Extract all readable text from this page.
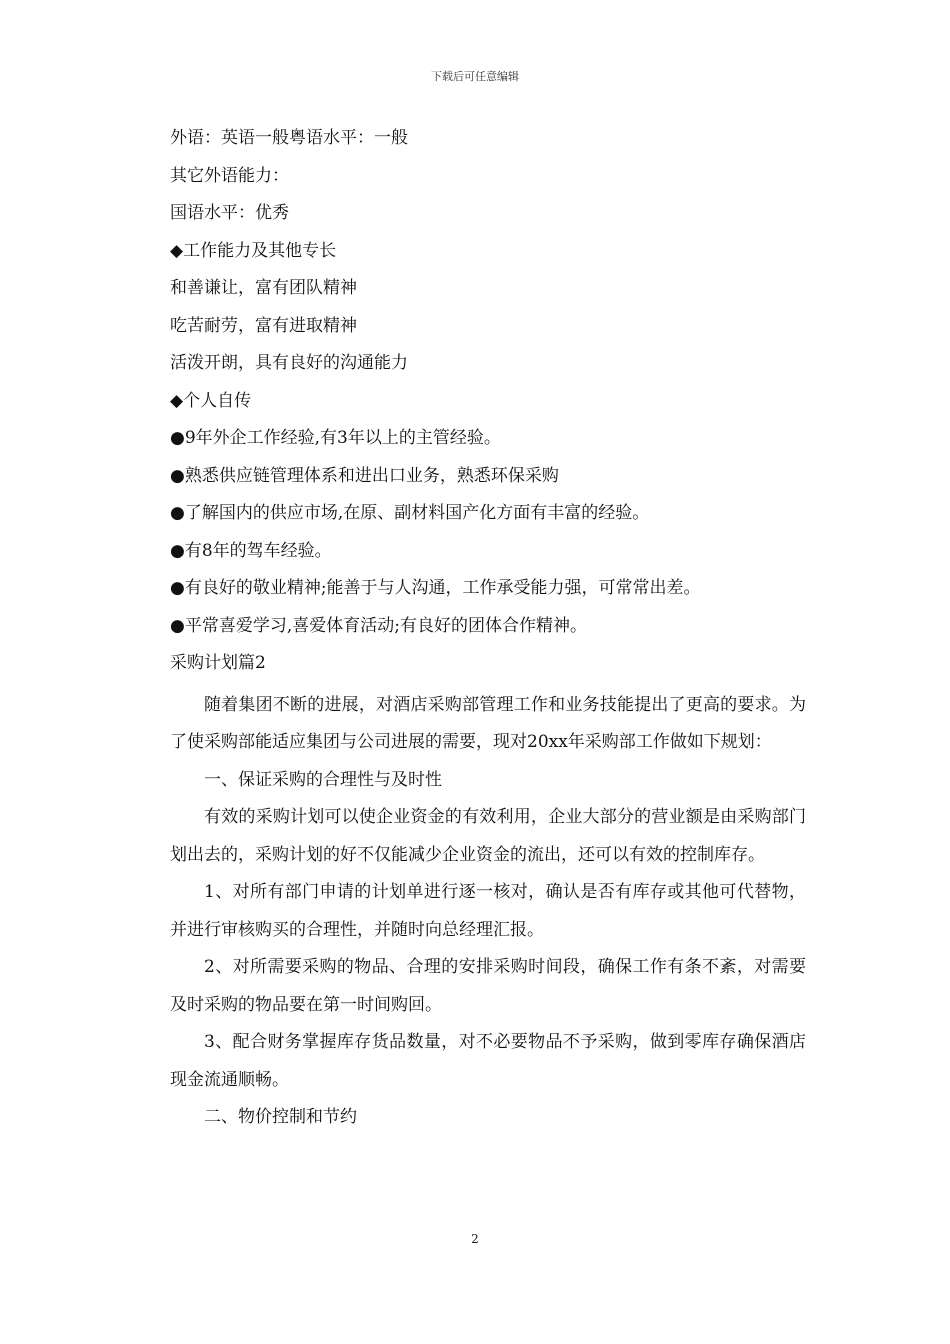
下载后可任意编辑
外语：英语一般粤语水平：一般
其它外语能力：
国语水平：优秀
◆工作能力及其他专长
和善谦让，富有团队精神
吃苦耐劳，富有进取精神
活泼开朗，具有良好的沟通能力
◆个人自传
●9年外企工作经验,有3年以上的主管经验。
●熟悉供应链管理体系和进出口业务，熟悉环保采购
●了解国内的供应市场,在原、副材料国产化方面有丰富的经验。
●有8年的驾车经验。
●有良好的敬业精神;能善于与人沟通，工作承受能力强，可常常出差。
●平常喜爱学习,喜爱体育活动;有良好的团体合作精神。
采购计划篇2

随着集团不断的进展，对酒店采购部管理工作和业务技能提出了更高的要求。为了使采购部能适应集团与公司进展的需要，现对20xx年采购部工作做如下规划：

一、保证采购的合理性与及时性

有效的采购计划可以使企业资金的有效利用，企业大部分的营业额是由采购部门划出去的，采购计划的好不仅能减少企业资金的流出，还可以有效的控制库存。

1、对所有部门申请的计划单进行逐一核对，确认是否有库存或其他可代替物，并进行审核购买的合理性，并随时向总经理汇报。

2、对所需要采购的物品、合理的安排采购时间段，确保工作有条不紊，对需要及时采购的物品要在第一时间购回。

3、配合财务掌握库存货品数量，对不必要物品不予采购，做到零库存确保酒店现金流通顺畅。

二、物价控制和节约

2
